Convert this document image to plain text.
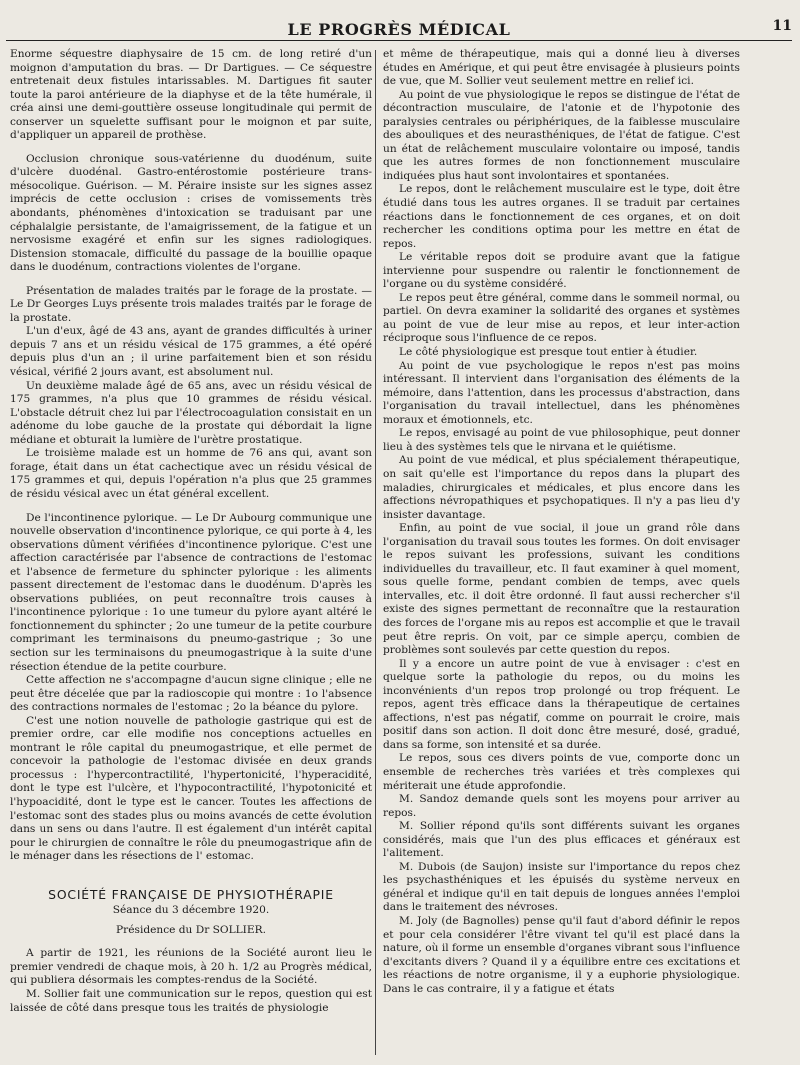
LE PROGRÈS MÉDICAL	11

Enorme séquestre diaphysaire de 15 cm. de long retiré d'un moignon d'amputation du bras. — Dr Dartigues. — Ce séquestre entretenait deux fistules intarissables. M. Dartigues fit sauter toute la paroi antérieure de la diaphyse et de la tête humérale, il créa ainsi une demi-gouttière osseuse longitudinale qui permit de conserver un squelette suffisant pour le moignon et par suite, d'appliquer un appareil de prothèse.

Occlusion chronique sous-vatérienne du duodénum, suite d'ulcère duodénal. Gastro-entérostomie postérieure trans-mésocolique. Guérison. — M. Péraire insiste sur les signes assez imprécis de cette occlusion : crises de vomissements très abondants, phénomènes d'intoxication se traduisant par une céphalalgie persistante, de l'amaigrissement, de la fatigue et un nervosisme exagéré et enfin sur les signes radiologiques. Distension stomacale, difficulté du passage de la bouillie opaque dans le duodénum, contractions violentes de l'organe.

Présentation de malades traités par le forage de la prostate. — Le Dr Georges Luys présente trois malades traités par le forage de la prostate.

L'un d'eux, âgé de 43 ans, ayant de grandes difficultés à uriner depuis 7 ans et un résidu vésical de 175 grammes, a été opéré depuis plus d'un an ; il urine parfaitement bien et son résidu vésical, vérifié 2 jours avant, est absolument nul.

Un deuxième malade âgé de 65 ans, avec un résidu vésical de 175 grammes, n'a plus que 10 grammes de résidu vésical. L'obstacle détruit chez lui par l'électrocoagulation consistait en un adénome du lobe gauche de la prostate qui débordait la ligne médiane et obturait la lumière de l'urètre prostatique.

Le troisième malade est un homme de 76 ans qui, avant son forage, était dans un état cachectique avec un résidu vésical de 175 grammes et qui, depuis l'opération n'a plus que 25 grammes de résidu vésical avec un état général excellent.

De l'incontinence pylorique. — Le Dr Aubourg communique une nouvelle observation d'incontinence pylorique, ce qui porte à 4, les observations dûment vérifiées d'incontinence pylorique. C'est une affection caractérisée par l'absence de contractions de l'estomac et l'absence de fermeture du sphincter pylorique : les aliments passent directement de l'estomac dans le duodénum. D'après les observations publiées, on peut reconnaître trois causes à l'incontinence pylorique : 1o une tumeur du pylore ayant altéré le fonctionnement du sphincter ; 2o une tumeur de la petite courbure comprimant les terminaisons du pneumo-gastrique ; 3o une section sur les terminaisons du pneumogastrique à la suite d'une résection étendue de la petite courbure.

Cette affection ne s'accompagne d'aucun signe clinique ; elle ne peut être décelée que par la radioscopie qui montre : 1o l'absence des contractions normales de l'estomac ; 2o la béance du pylore.

C'est une notion nouvelle de pathologie gastrique qui est de premier ordre, car elle modifie nos conceptions actuelles en montrant le rôle capital du pneumogastrique, et elle permet de concevoir la pathologie de l'estomac divisée en deux grands processus : l'hypercontractilité, l'hypertonicité, l'hyperacidité, dont le type est l'ulcère, et l'hypocontractilité, l'hypotonicité et l'hypoacidité, dont le type est le cancer. Toutes les affections de l'estomac sont des stades plus ou moins avancés de cette évolution dans un sens ou dans l'autre. Il est également d'un intérêt capital pour le chirurgien de connaître le rôle du pneumogastrique afin de le ménager dans les résections de l' estomac.

SOCIÉTÉ FRANÇAISE DE PHYSIOTHÉRAPIE
Séance du 3 décembre 1920.
Présidence du Dr SOLLIER.

A partir de 1921, les réunions de la Société auront lieu le premier vendredi de chaque mois, à 20 h. 1/2 au Progrès médical, qui publiera désormais les comptes-rendus de la Société.

M. Sollier fait une communication sur le repos, question qui est laissée de côté dans presque tous les traités de physiologie

et même de thérapeutique, mais qui a donné lieu à diverses études en Amérique, et qui peut être envisagée à plusieurs points de vue, que M. Sollier veut seulement mettre en relief ici.

Au point de vue physiologique le repos se distingue de l'état de décontraction musculaire, de l'atonie et de l'hypotonie des paralysies centrales ou périphériques, de la faiblesse musculaire des abouliques et des neurasthéniques, de l'état de fatigue. C'est un état de relâchement musculaire volontaire ou imposé, tandis que les autres formes de non fonctionnement musculaire indiquées plus haut sont involontaires et spontanées.

Le repos, dont le relâchement musculaire est le type, doit être étudié dans tous les autres organes. Il se traduit par certaines réactions dans le fonctionnement de ces organes, et on doit rechercher les conditions optima pour les mettre en état de repos.

Le véritable repos doit se produire avant que la fatigue intervienne pour suspendre ou ralentir le fonctionnement de l'organe ou du système considéré.

Le repos peut être général, comme dans le sommeil normal, ou partiel. On devra examiner la solidarité des organes et systèmes au point de vue de leur mise au repos, et leur inter-action réciproque sous l'influence de ce repos.

Le côté physiologique est presque tout entier à étudier.

Au point de vue psychologique le repos n'est pas moins intéressant. Il intervient dans l'organisation des éléments de la mémoire, dans l'attention, dans les processus d'abstraction, dans l'organisation du travail intellectuel, dans les phénomènes moraux et émotionnels, etc.

Le repos, envisagé au point de vue philosophique, peut donner lieu à des systèmes tels que le nirvana et le quiétisme.

Au point de vue médical, et plus spécialement thérapeutique, on sait qu'elle est l'importance du repos dans la plupart des maladies, chirurgicales et médicales, et plus encore dans les affections névropathiques et psychopatiques. Il n'y a pas lieu d'y insister davantage.

Enfin, au point de vue social, il joue un grand rôle dans l'organisation du travail sous toutes les formes. On doit envisager le repos suivant les professions, suivant les conditions individuelles du travailleur, etc. Il faut examiner à quel moment, sous quelle forme, pendant combien de temps, avec quels intervalles, etc. il doit être ordonné. Il faut aussi rechercher s'il existe des signes permettant de reconnaître que la restauration des forces de l'organe mis au repos est accomplie et que le travail peut être repris. On voit, par ce simple aperçu, combien de problèmes sont soulevés par cette question du repos.

Il y a encore un autre point de vue à envisager : c'est en quelque sorte la pathologie du repos, ou du moins les inconvénients d'un repos trop prolongé ou trop fréquent. Le repos, agent très efficace dans la thérapeutique de certaines affections, n'est pas négatif, comme on pourrait le croire, mais positif dans son action. Il doit donc être mesuré, dosé, gradué, dans sa forme, son intensité et sa durée.

Le repos, sous ces divers points de vue, comporte donc un ensemble de recherches très variées et très complexes qui mériterait une étude approfondie.

M. Sandoz demande quels sont les moyens pour arriver au repos.

M. Sollier répond qu'ils sont différents suivant les organes considérés, mais que l'un des plus efficaces et généraux est l'alitement.

M. Dubois (de Saujon) insiste sur l'importance du repos chez les psychasthéniques et les épuisés du système nerveux en général et indique qu'il en tait depuis de longues années l'emploi dans le traitement des névroses.

M. Joly (de Bagnolles) pense qu'il faut d'abord définir le repos et pour cela considérer l'être vivant tel qu'il est placé dans la nature, où il forme un ensemble d'organes vibrant sous l'influence d'excitants divers ? Quand il y a équilibre entre ces excitations et les réactions de notre organisme, il y a euphorie physiologique. Dans le cas contraire, il y a fatigue et états
